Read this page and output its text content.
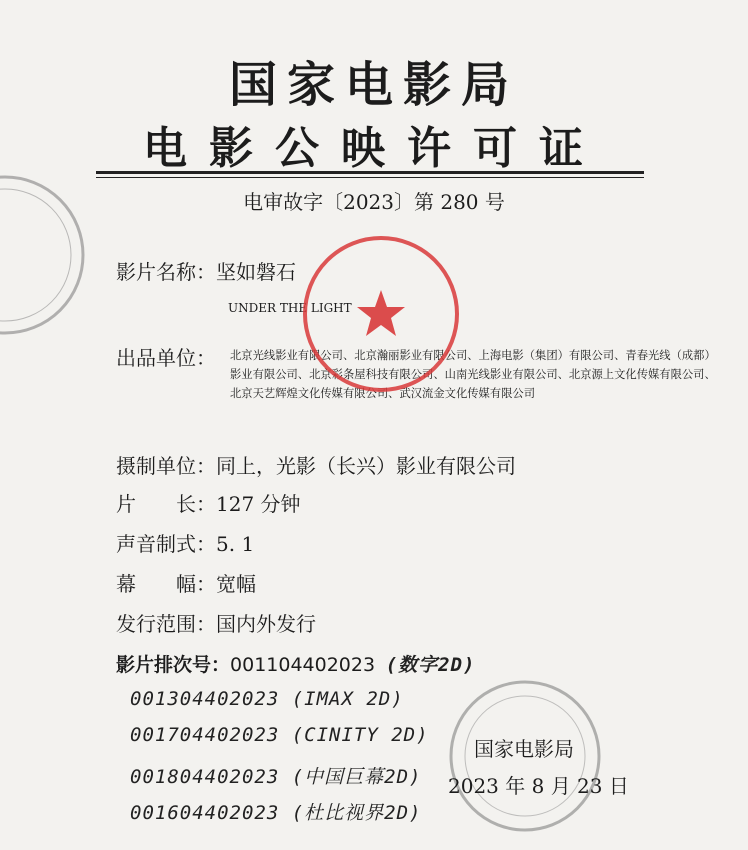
国家电影局
电影公映许可证
电审故字〔2023〕第 280 号
影片名称：坚如磐石
UNDER THE LIGHT
出品单位： 北京光线影业有限公司、北京瀚丽影业有限公司、上海电影（集团）有限公司、青春光线（成都）影业有限公司、北京彩条屋科技有限公司、山南光线影业有限公司、北京源上文化传媒有限公司、北京天艺辉煌文化传媒有限公司、武汉流金文化传媒有限公司
摄制单位：同上，光影（长兴）影业有限公司
片　　长：127 分钟
声音制式：5. 1
幕　　幅：宽幅
发行范围：国内外发行
影片排次号：001104402023 (数字2D)
001304402023 (IMAX 2D)
001704402023 (CINITY 2D)
001804402023 (中国巨幕2D)
001604402023 (杜比视界2D)
国家电影局
2023 年 8 月 23 日
